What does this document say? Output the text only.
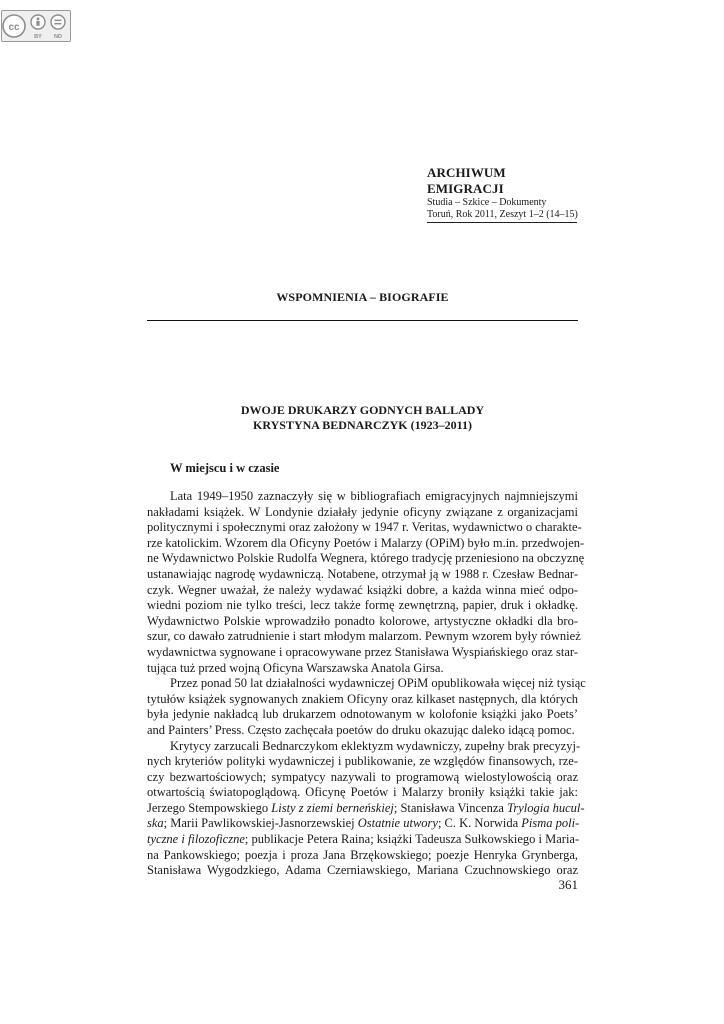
cc
BY ND
ARCHIWUM EMIGRACJI
Studia – Szkice – Dokumenty
Toruń, Rok 2011, Zeszyt 1–2 (14–15)
WSPOMNIENIA – BIOGRAFIE
DWOJE DRUKARZY GODNYCH BALLADY
KRYSTYNA BEDNARCZYK (1923–2011)
W miejscu i w czasie
Lata 1949–1950 zaznaczyły się w bibliografiach emigracyjnych najmniejszymi
nakładami książek. W Londynie działały jedynie oficyny związane z organizacjami
politycznymi i społecznymi oraz założony w 1947 r. Veritas, wydawnictwo o charakte-
rze katolickim. Wzorem dla Oficyny Poetów i Malarzy (OPiM) było m.in. przedwojen-
ne Wydawnictwo Polskie Rudolfa Wegnera, którego tradycję przeniesiono na obczyznę
ustanawiając nagrodę wydawniczą. Notabene, otrzymał ją w 1988 r. Czesław Bednar-
czyk. Wegner uważał, że należy wydawać książki dobre, a każda winna mieć odpo-
wiedni poziom nie tylko treści, lecz także formę zewnętrzną, papier, druk i okładkę.
Wydawnictwo Polskie wprowadziło ponadto kolorowe, artystyczne okładki dla bro-
szur, co dawało zatrudnienie i start młodym malarzom. Pewnym wzorem były również
wydawnictwa sygnowane i opracowywane przez Stanisława Wyspiańskiego oraz star-
tująca tuż przed wojną Oficyna Warszawska Anatola Girsa.
Przez ponad 50 lat działalności wydawniczej OPiM opublikowała więcej niż tysiąc
tytułów książek sygnowanych znakiem Oficyny oraz kilkaset następnych, dla których
była jedynie nakładcą lub drukarzem odnotowanym w kolofonie książki jako Poets’
and Painters’ Press. Często zachęcała poetów do druku okazując daleko idącą pomoc.
Krytycy zarzucali Bednarczykom eklektyzm wydawniczy, zupełny brak precyzyj-
nych kryteriów polityki wydawniczej i publikowanie, ze względów finansowych, rze-
czy bezwartościowych; sympatycy nazywali to programową wielostylowością oraz
otwartością światopoglądową. Oficynę Poetów i Malarzy broniły książki takie jak:
Jerzego Stempowskiego Listy z ziemi berneńskiej; Stanisława Vincenza Trylogia hucul-
ska; Marii Pawlikowskiej-Jasnorzewskiej Ostatnie utwory; C. K. Norwida Pisma poli-
tyczne i filozoficzne; publikacje Petera Raina; książki Tadeusza Sułkowskiego i Maria-
na Pankowskiego; poezja i proza Jana Brzękowskiego; poezje Henryka Grynberga,
Stanisława Wygodzkiego, Adama Czerniawskiego, Mariana Czuchnowskiego oraz
361
